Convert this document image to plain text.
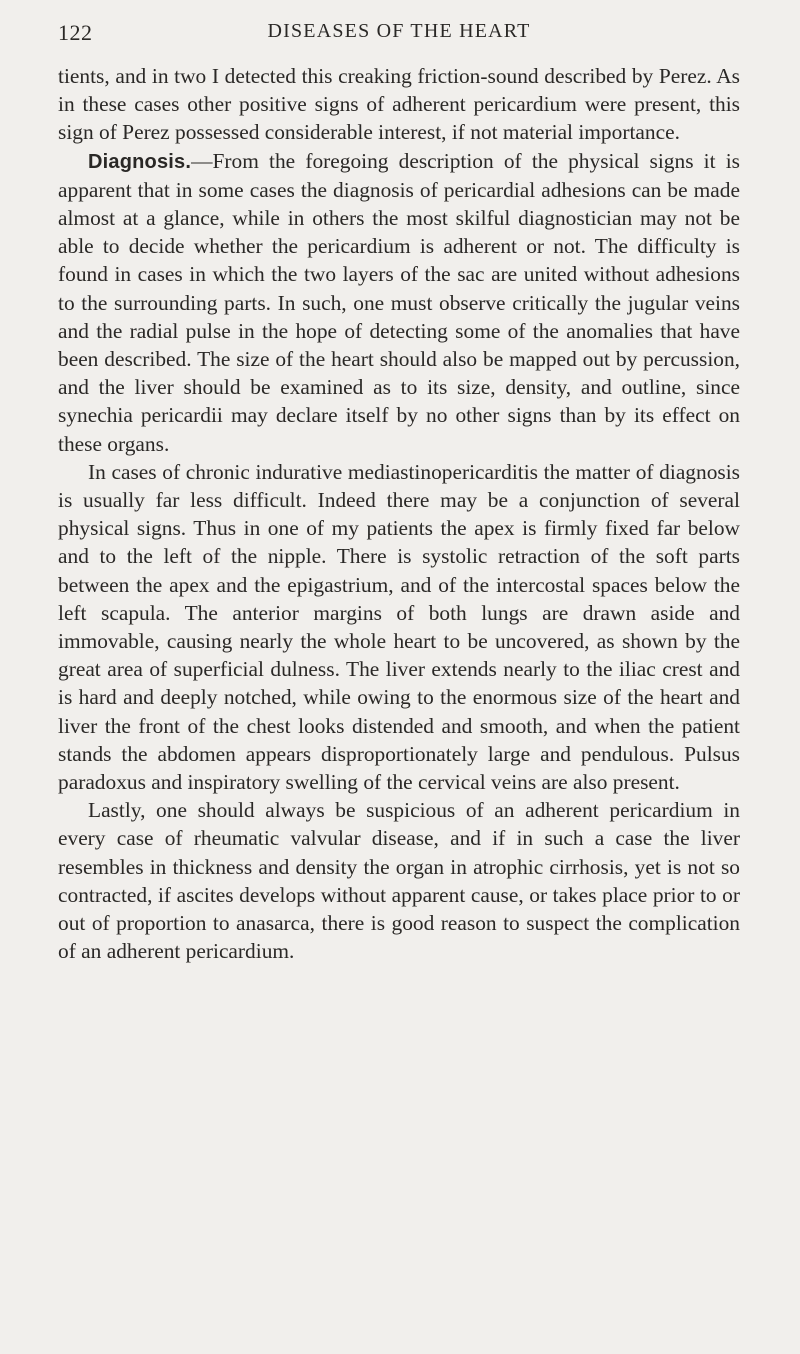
122	DISEASES OF THE HEART

tients, and in two I detected this creaking friction-sound described by Perez. As in these cases other positive signs of adherent pericardium were present, this sign of Perez possessed considerable interest, if not material importance.

Diagnosis.—From the foregoing description of the physical signs it is apparent that in some cases the diagnosis of pericardial adhesions can be made almost at a glance, while in others the most skilful diagnostician may not be able to decide whether the pericardium is adherent or not. The difficulty is found in cases in which the two layers of the sac are united without adhesions to the surrounding parts. In such, one must observe critically the jugular veins and the radial pulse in the hope of detecting some of the anomalies that have been described. The size of the heart should also be mapped out by percussion, and the liver should be examined as to its size, density, and outline, since synechia pericardii may declare itself by no other signs than by its effect on these organs.

In cases of chronic indurative mediastinopericarditis the matter of diagnosis is usually far less difficult. Indeed there may be a conjunction of several physical signs. Thus in one of my patients the apex is firmly fixed far below and to the left of the nipple. There is systolic retraction of the soft parts between the apex and the epigastrium, and of the intercostal spaces below the left scapula. The anterior margins of both lungs are drawn aside and immovable, causing nearly the whole heart to be uncovered, as shown by the great area of superficial dulness. The liver extends nearly to the iliac crest and is hard and deeply notched, while owing to the enormous size of the heart and liver the front of the chest looks distended and smooth, and when the patient stands the abdomen appears disproportionately large and pendulous. Pulsus paradoxus and inspiratory swelling of the cervical veins are also present.

Lastly, one should always be suspicious of an adherent pericardium in every case of rheumatic valvular disease, and if in such a case the liver resembles in thickness and density the organ in atrophic cirrhosis, yet is not so contracted, if ascites develops without apparent cause, or takes place prior to or out of proportion to anasarca, there is good reason to suspect the complication of an adherent pericardium.
